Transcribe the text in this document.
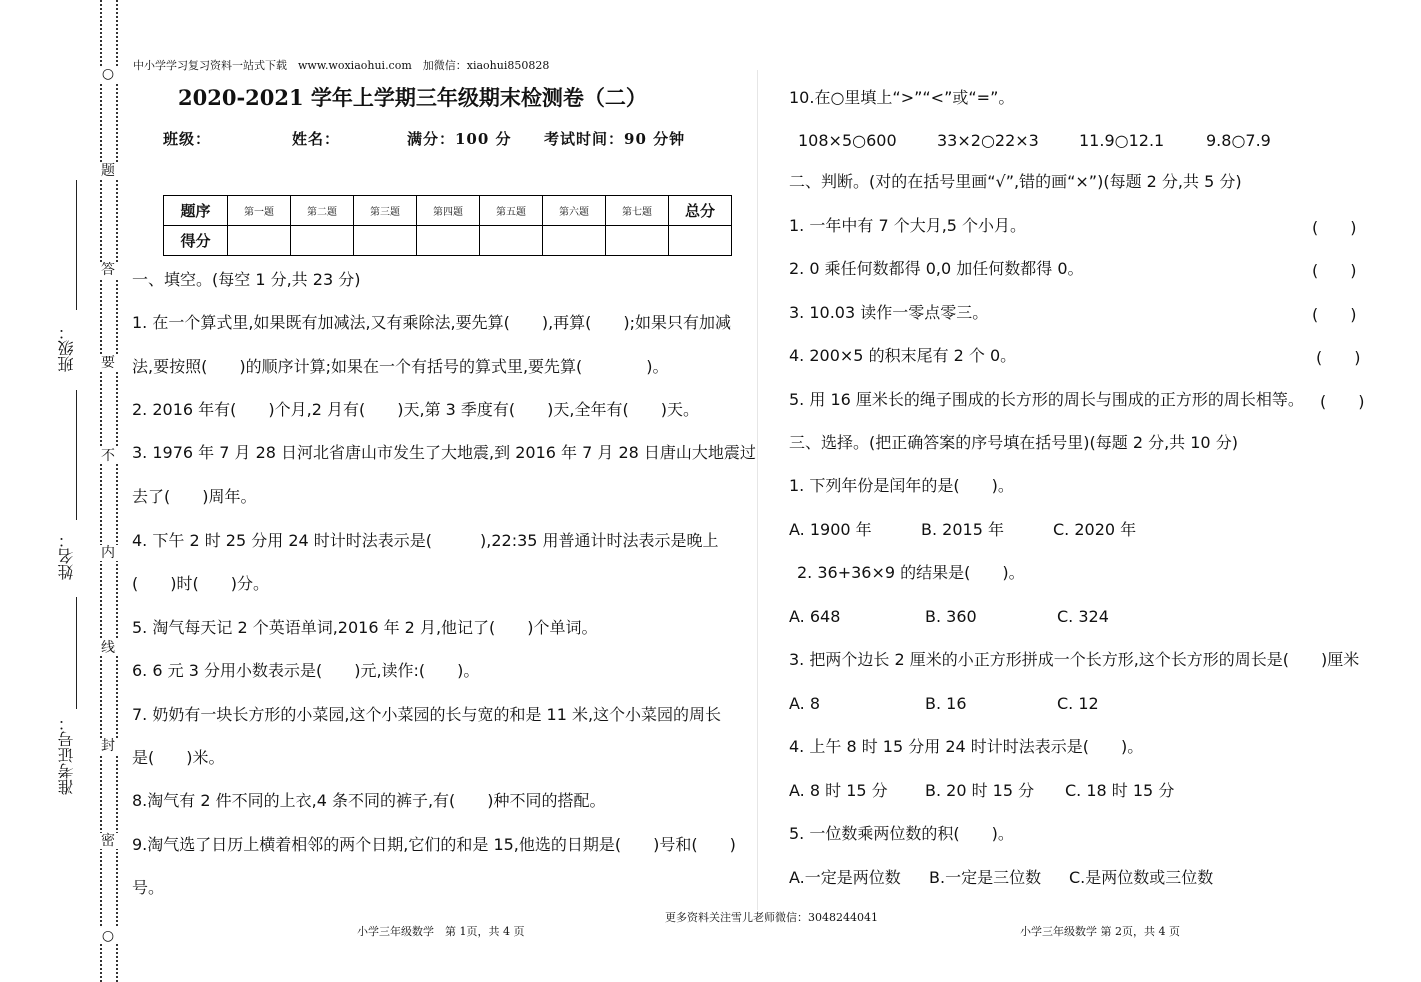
○
题
答
要
不
内
线
封
密
○
班级：
姓名：
准考证号：
中小学学习复习资料一站式下载　www.woxiaohui.com　加微信：xiaohui850828
2020-2021 学年上学期三年级期末检测卷（二）
班级：	姓名：	满分：100 分 考试时间：90 分钟
题序	第一题	第二题	第三题	第四题	第五题	第六题	第七题	总分
得分								
一、填空。(每空 1 分,共 23 分)
1. 在一个算式里,如果既有加减法,又有乘除法,要先算(　　),再算(　　);如果只有加减
法,要按照(　　)的顺序计算;如果在一个有括号的算式里,要先算(　　　　)。
2. 2016 年有(　　)个月,2 月有(　　)天,第 3 季度有(　　)天,全年有(　　)天。
3. 1976 年 7 月 28 日河北省唐山市发生了大地震,到 2016 年 7 月 28 日唐山大地震过
去了(　　)周年。
4. 下午 2 时 25 分用 24 时计时法表示是(　　　),22:35 用普通计时法表示是晚上
(　　)时(　　)分。
5. 淘气每天记 2 个英语单词,2016 年 2 月,他记了(　　)个单词。
6. 6 元 3 分用小数表示是(　　)元,读作:(　　)。
7. 奶奶有一块长方形的小菜园,这个小菜园的长与宽的和是 11 米,这个小菜园的周长
是(　　)米。
8.淘气有 2 件不同的上衣,4 条不同的裤子,有(　　)种不同的搭配。
9.淘气选了日历上横着相邻的两个日期,它们的和是 15,他选的日期是(　　)号和(　　)
号。
10.在○里填上“>”“<”或“=”。
108×5○600	33×2○22×3	11.9○12.1	9.8○7.9
二、判断。(对的在括号里画“√”,错的画“×”)(每题 2 分,共 5 分)
1. 一年中有 7 个大月,5 个小月。	(　　)
2. 0 乘任何数都得 0,0 加任何数都得 0。	(　　)
3. 10.03 读作一零点零三。	(　　)
4. 200×5 的积末尾有 2 个 0。	(　　)
5. 用 16 厘米长的绳子围成的长方形的周长与围成的正方形的周长相等。 (　　)
三、选择。(把正确答案的序号填在括号里)(每题 2 分,共 10 分)
1. 下列年份是闰年的是(　　)。
A. 1900 年	B. 2015 年	C. 2020 年
2. 36+36×9 的结果是(　　)。
A. 648	B. 360	C. 324
3. 把两个边长 2 厘米的小正方形拼成一个长方形,这个长方形的周长是(　　)厘米
A. 8	B. 16	C. 12
4. 上午 8 时 15 分用 24 时计时法表示是(　　)。
A. 8 时 15 分 B. 20 时 15 分 C. 18 时 15 分
5. 一位数乘两位数的积(　　)。
A.一定是两位数 B.一定是三位数 C.是两位数或三位数
更多资料关注雪儿老师微信：3048244041
小学三年级数学　第 1页，共 4 页	小学三年级数学 第 2页，共 4 页
